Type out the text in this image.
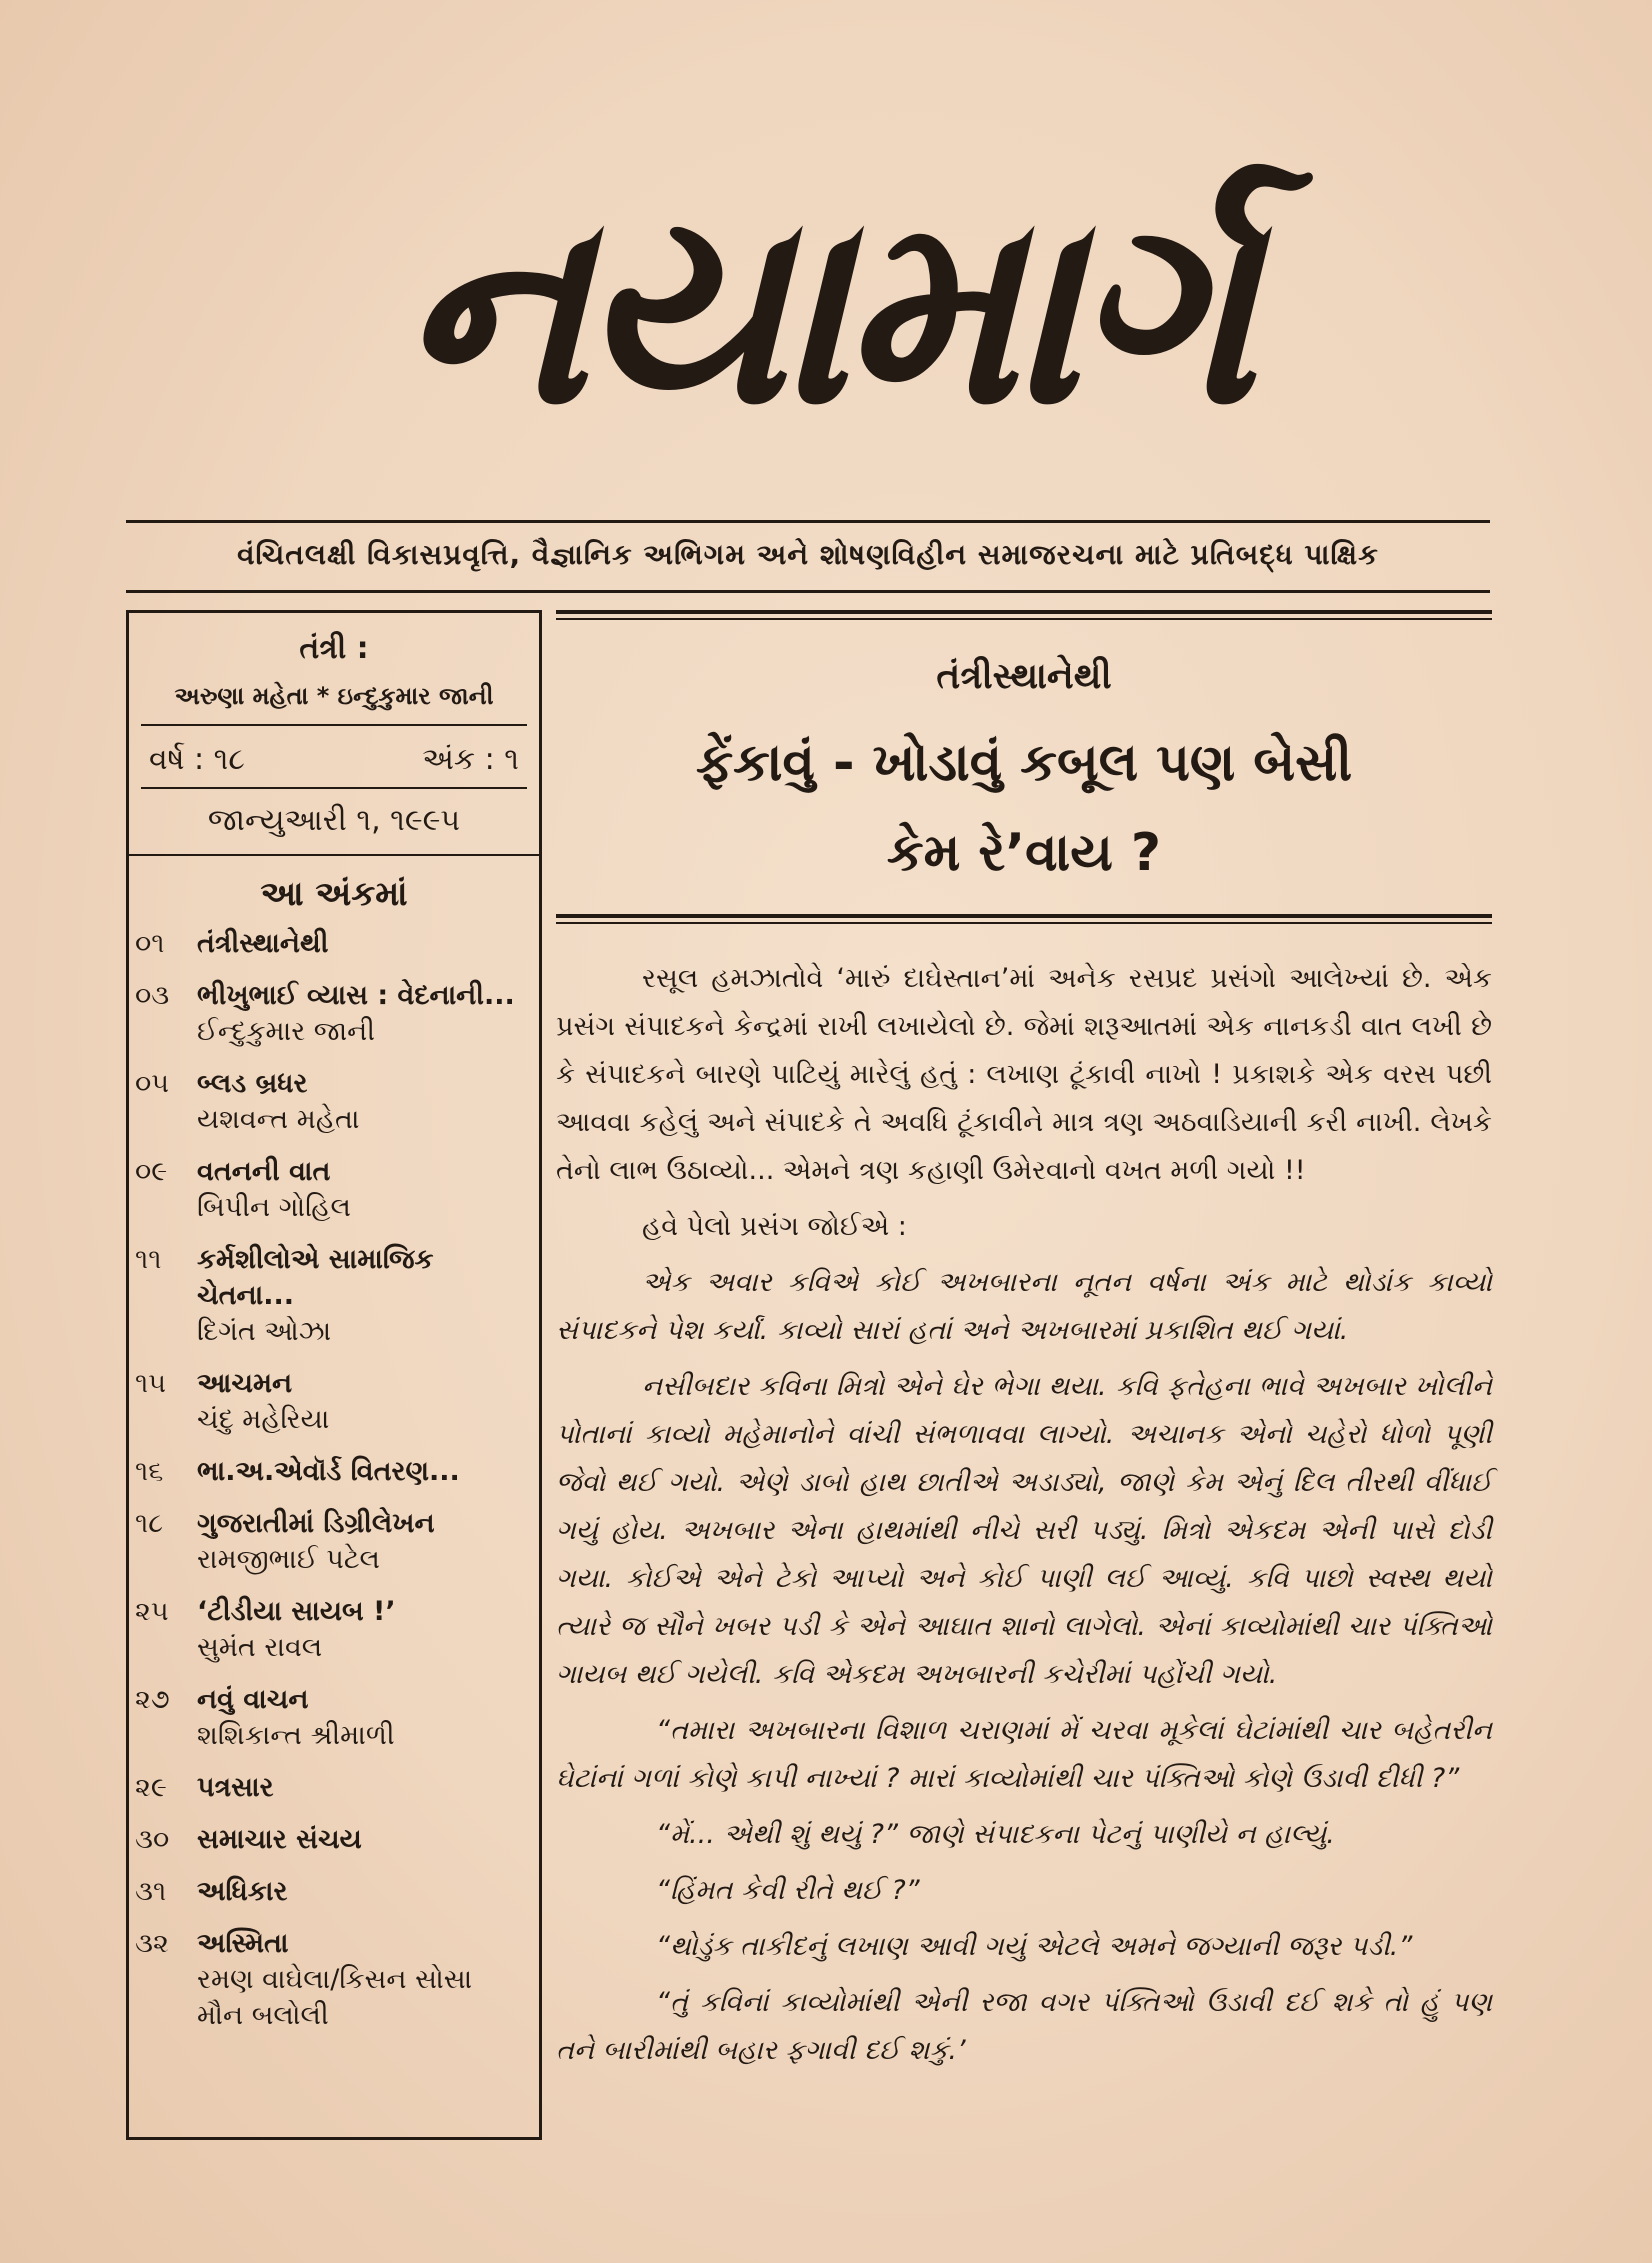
નયામાર્ગ
વંચિતલક્ષી વિકાસપ્રવૃત્તિ, વૈજ્ઞાનિક અભિગમ અને શોષણવિહીન સમાજરચના માટે પ્રતિબદ્ધ પાક્ષિક
તંત્રી :
અરુણા મહેતા * ઇન્દુકુમાર જાની
વર્ષ : ૧૮	અંક : ૧
જાન્યુઆરી ૧, ૧૯૯૫
આ અંકમાં
૦૧	તંત્રીસ્થાનેથી
૦૩	ભીખુભાઈ વ્યાસ : વેદનાની...
ઈન્દુકુમાર જાની
૦૫	બ્લડ બ્રધર
યશવન્ત મહેતા
૦૯	વતનની વાત
બિપીન ગોહિલ
૧૧	કર્મશીલોએ સામાજિક ચેતના...
દિગંત ઓઝા
૧૫	આચમન
ચંદુ મહેરિયા
૧૬	ભા.અ.એવૉર્ડ વિતરણ...
૧૮	ગુજરાતીમાં ડિગ્રીલેખન
રામજીભાઈ પટેલ
૨૫	‘ટીડીયા સાયબ !’
સુમંત રાવલ
૨૭	નવું વાચન
શશિકાન્ત શ્રીમાળી
૨૯	પત્રસાર
૩૦	સમાચાર સંચય
૩૧	અધિકાર
૩૨	અસ્મિતા
રમણ વાઘેલા/કિસન સોસા
મૌન બલોલી
તંત્રીસ્થાનેથી
ફેંકાવું - ખોડાવું કબૂલ પણ બેસી
કેમ રે’વાય ?

રસૂલ હમઝાતોવે ‘મારું દાઘેસ્તાન’માં અનેક રસપ્રદ પ્રસંગો આલેખ્યાં છે. એક પ્રસંગ સંપાદકને કેન્દ્રમાં રાખી લખાયેલો છે. જેમાં શરૂઆતમાં એક નાનકડી વાત લખી છે કે સંપાદકને બારણે પાટિયું મારેલું હતું : લખાણ ટૂંકાવી નાખો ! પ્રકાશકે એક વરસ પછી આવવા કહેલું અને સંપાદકે તે અવધિ ટૂંકાવીને માત્ર ત્રણ અઠવાડિયાની કરી નાખી. લેખકે તેનો લાભ ઉઠાવ્યો... એમને ત્રણ કહાણી ઉમેરવાનો વખત મળી ગયો !!

હવે પેલો પ્રસંગ જોઈએ :

એક અવાર કવિએ કોઈ અખબારના નૂતન વર્ષના અંક માટે થોડાંક કાવ્યો સંપાદકને પેશ કર્યાં. કાવ્યો સારાં હતાં અને અખબારમાં પ્રકાશિત થઈ ગયાં.

નસીબદાર કવિના મિત્રો એને ઘેર ભેગા થયા. કવિ ફતેહના ભાવે અખબાર ખોલીને પોતાનાં કાવ્યો મહેમાનોને વાંચી સંભળાવવા લાગ્યો. અચાનક એનો ચહેરો ધોળો પૂણી જેવો થઈ ગયો. એણે ડાબો હાથ છાતીએ અડાડ્યો, જાણે કેમ એનું દિલ તીરથી વીંધાઈ ગયું હોય. અખબાર એના હાથમાંથી નીચે સરી પડ્યું. મિત્રો એકદમ એની પાસે દોડી ગયા. કોઈએ એને ટેકો આપ્યો અને કોઈ પાણી લઈ આવ્યું. કવિ પાછો સ્વસ્થ થયો ત્યારે જ સૌને ખબર પડી કે એને આઘાત શાનો લાગેલો. એનાં કાવ્યોમાંથી ચાર પંક્તિઓ ગાયબ થઈ ગયેલી. કવિ એકદમ અખબારની કચેરીમાં પહોંચી ગયો.

“તમારા અખબારના વિશાળ ચરાણમાં મેં ચરવા મૂકેલાં ઘેટાંમાંથી ચાર બહેતરીન ઘેટાંનાં ગળાં કોણે કાપી નાખ્યાં ? મારાં કાવ્યોમાંથી ચાર પંક્તિઓ કોણે ઉડાવી દીધી ?”

“મેં... એથી શું થયું ?” જાણે સંપાદકના પેટનું પાણીયે ન હાલ્યું.

“હિંમત કેવી રીતે થઈ ?”

“થોડુંક તાકીદનું લખાણ આવી ગયું એટલે અમને જગ્યાની જરૂર પડી.”

“તું કવિનાં કાવ્યોમાંથી એની રજા વગર પંક્તિઓ ઉડાવી દઈ શકે તો હું પણ તને બારીમાંથી બહાર ફગાવી દઈ શકું.’
